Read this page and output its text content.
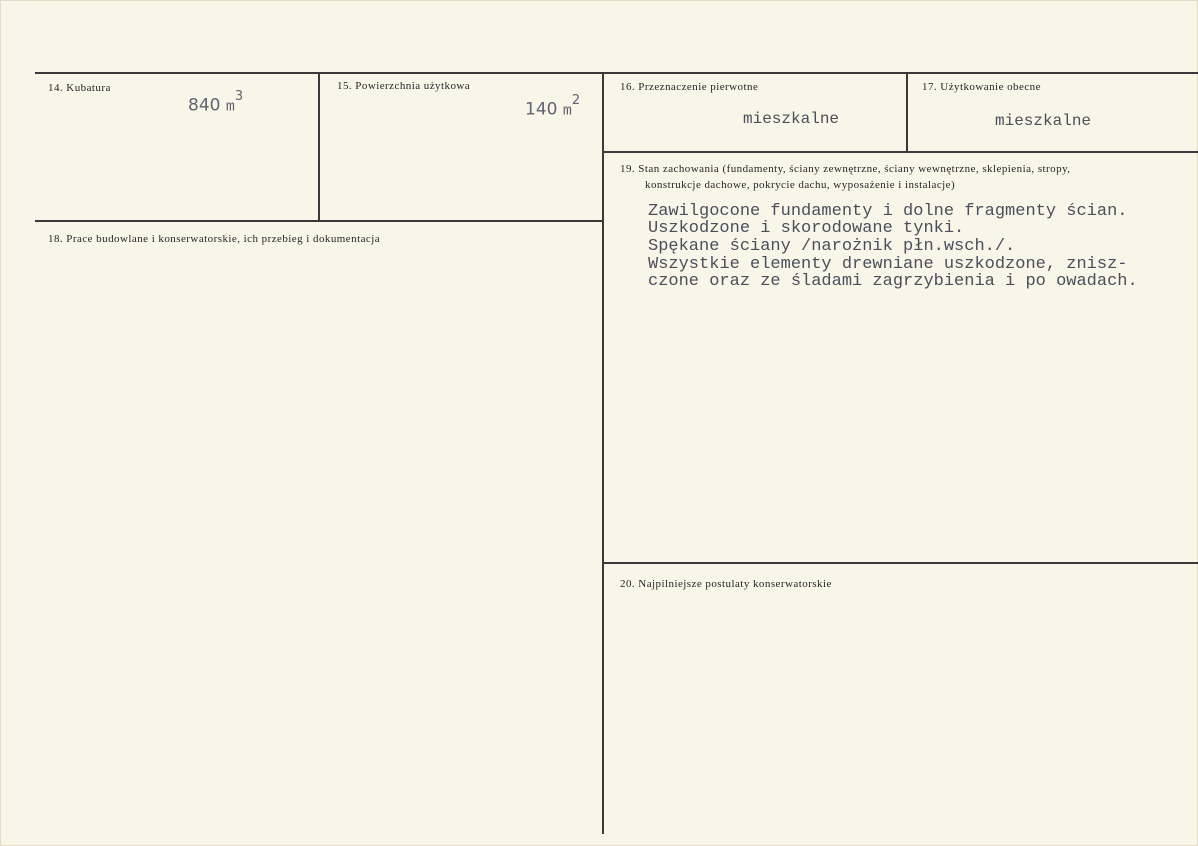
14. Kubatura
840 $m^3$
15. Powierzchnia użytkowa
140 $m^2$
16. Przeznaczenie pierwotne
mieszkalne
17. Użytkowanie obecne
mieszkalne
18. Prace budowlane i konserwatorskie, ich przebieg i dokumentacja
19. Stan zachowania (fundamenty, ściany zewnętrzne, ściany wewnętrzne, sklepienia, stropy,
konstrukcje dachowe, pokrycie dachu, wyposażenie i instalacje)
Zawilgocone fundamenty i dolne fragmenty ścian.
Uszkodzone i skorodowane tynki.
Spękane ściany /narożnik płn.wsch./.
Wszystkie elementy drewniane uszkodzone, znisz-
czone oraz ze śladami zagrzybienia i po owadach.
20. Najpilniejsze postulaty konserwatorskie
